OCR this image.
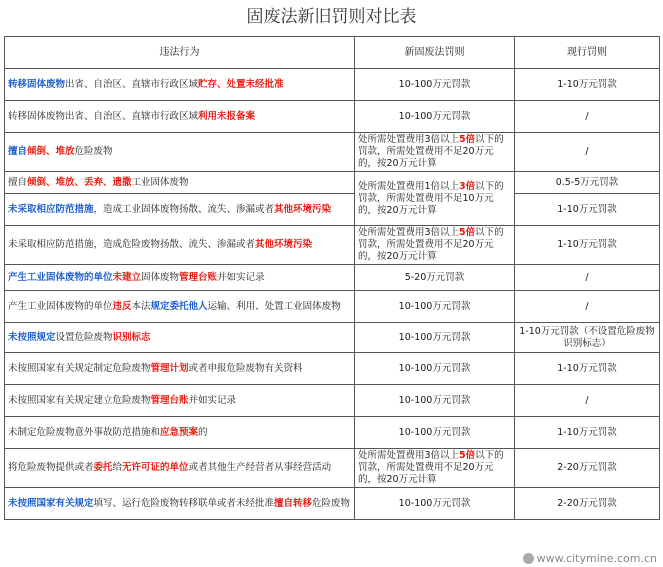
固废法新旧罚则对比表
违法行为	新固废法罚则	现行罚则
转移固体废物出省、自治区、直辖市行政区域贮存、处置未经批准	10-100万元罚款	1-10万元罚款
转移固体废物出省、自治区、直辖市行政区域利用未报备案	10-100万元罚款	/
擅自倾倒、堆放危险废物	处所需处置费用3倍以上5倍以下的罚款，所需处置费用不足20万元的，按20万元计算	/
擅自倾倒、堆放、丢弃、遗撒工业固体废物	处所需处置费用1倍以上3倍以下的罚款，所需处置费用不足10万元的，按20万元计算	0.5-5万元罚款
未采取相应防范措施，造成工业固体废物扬散、流失、渗漏或者其他环境污染		1-10万元罚款
未采取相应防范措施，造成危险废物扬散、流失、渗漏或者其他环境污染	处所需处置费用3倍以上5倍以下的罚款，所需处置费用不足20万元的，按20万元计算	1-10万元罚款
产生工业固体废物的单位未建立固体废物管理台账并如实记录	5-20万元罚款	/
产生工业固体废物的单位违反本法规定委托他人运输、利用、处置工业固体废物	10-100万元罚款	/
未按照规定设置危险废物识别标志	10-100万元罚款	1-10万元罚款（不设置危险废物识别标志）
未按照国家有关规定制定危险废物管理计划或者申报危险废物有关资料	10-100万元罚款	1-10万元罚款
未按照国家有关规定建立危险废物管理台账并如实记录	10-100万元罚款	/
未制定危险废物意外事故防范措施和应急预案的	10-100万元罚款	1-10万元罚款
将危险废物提供或者委托给无许可证的单位或者其他生产经营者从事经营活动	处所需处置费用3倍以上5倍以下的罚款，所需处置费用不足20万元的，按20万元计算	2-20万元罚款
未按照国家有关规定填写、运行危险废物转移联单或者未经批准擅自转移危险废物	10-100万元罚款	2-20万元罚款
www.citymine.com.cn
